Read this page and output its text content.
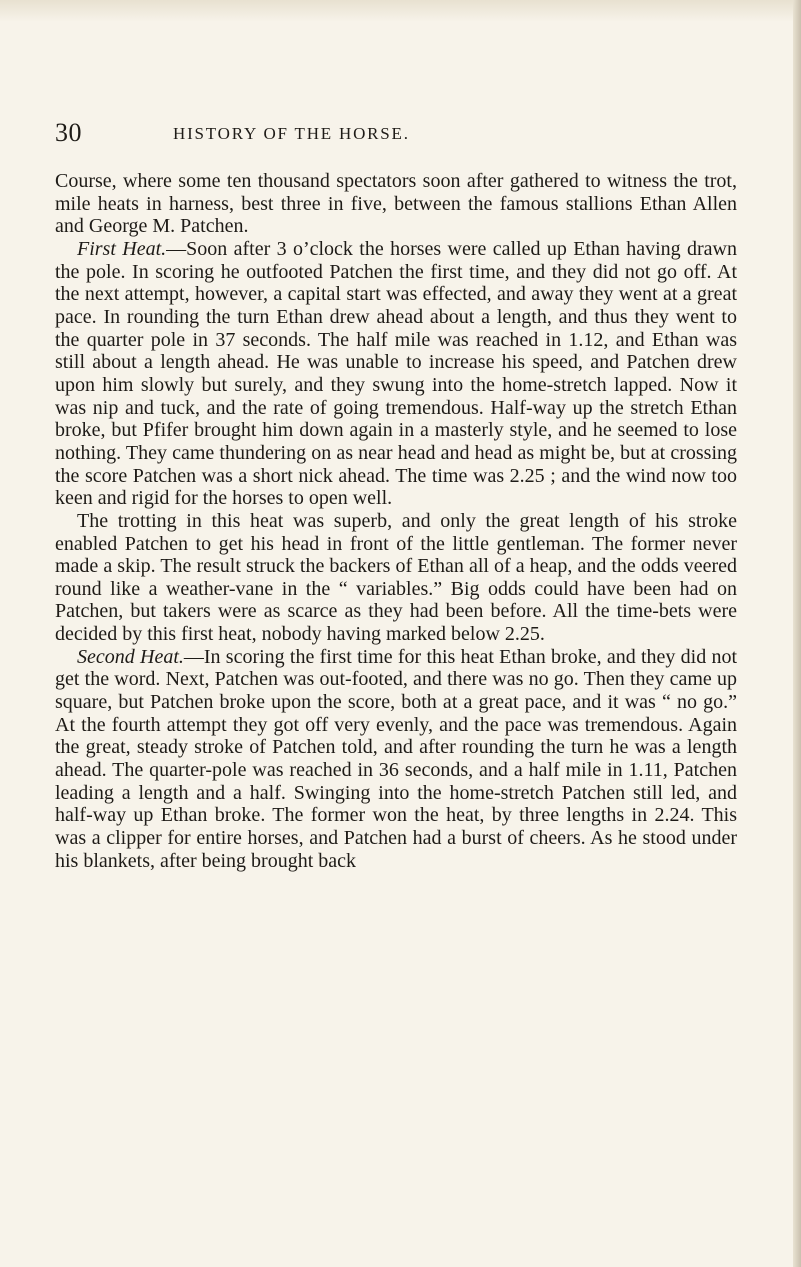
30	HISTORY OF THE HORSE.

Course, where some ten thousand spectators soon after gathered to witness the trot, mile heats in harness, best three in five, between the famous stallions Ethan Allen and George M. Patchen.

First Heat.—Soon after 3 o’clock the horses were called up Ethan having drawn the pole. In scoring he outfooted Patchen the first time, and they did not go off. At the next attempt, however, a capital start was effected, and away they went at a great pace. In rounding the turn Ethan drew ahead about a length, and thus they went to the quarter pole in 37 seconds. The half mile was reached in 1.12, and Ethan was still about a length ahead. He was unable to increase his speed, and Patchen drew upon him slowly but surely, and they swung into the home-stretch lapped. Now it was nip and tuck, and the rate of going tremendous. Half-way up the stretch Ethan broke, but Pfifer brought him down again in a masterly style, and he seemed to lose nothing. They came thundering on as near head and head as might be, but at crossing the score Patchen was a short nick ahead. The time was 2.25 ; and the wind now too keen and rigid for the horses to open well.

The trotting in this heat was superb, and only the great length of his stroke enabled Patchen to get his head in front of the little gentleman. The former never made a skip. The result struck the backers of Ethan all of a heap, and the odds veered round like a weather-vane in the “ variables.” Big odds could have been had on Patchen, but takers were as scarce as they had been before. All the time-bets were decided by this first heat, nobody having marked below 2.25.

Second Heat.—In scoring the first time for this heat Ethan broke, and they did not get the word. Next, Patchen was out-footed, and there was no go. Then they came up square, but Patchen broke upon the score, both at a great pace, and it was “ no go.” At the fourth attempt they got off very evenly, and the pace was tremendous. Again the great, steady stroke of Patchen told, and after rounding the turn he was a length ahead. The quarter-pole was reached in 36 seconds, and a half mile in 1.11, Patchen leading a length and a half. Swinging into the home-stretch Patchen still led, and half-way up Ethan broke. The former won the heat, by three lengths in 2.24. This was a clipper for entire horses, and Patchen had a burst of cheers. As he stood under his blankets, after being brought back
